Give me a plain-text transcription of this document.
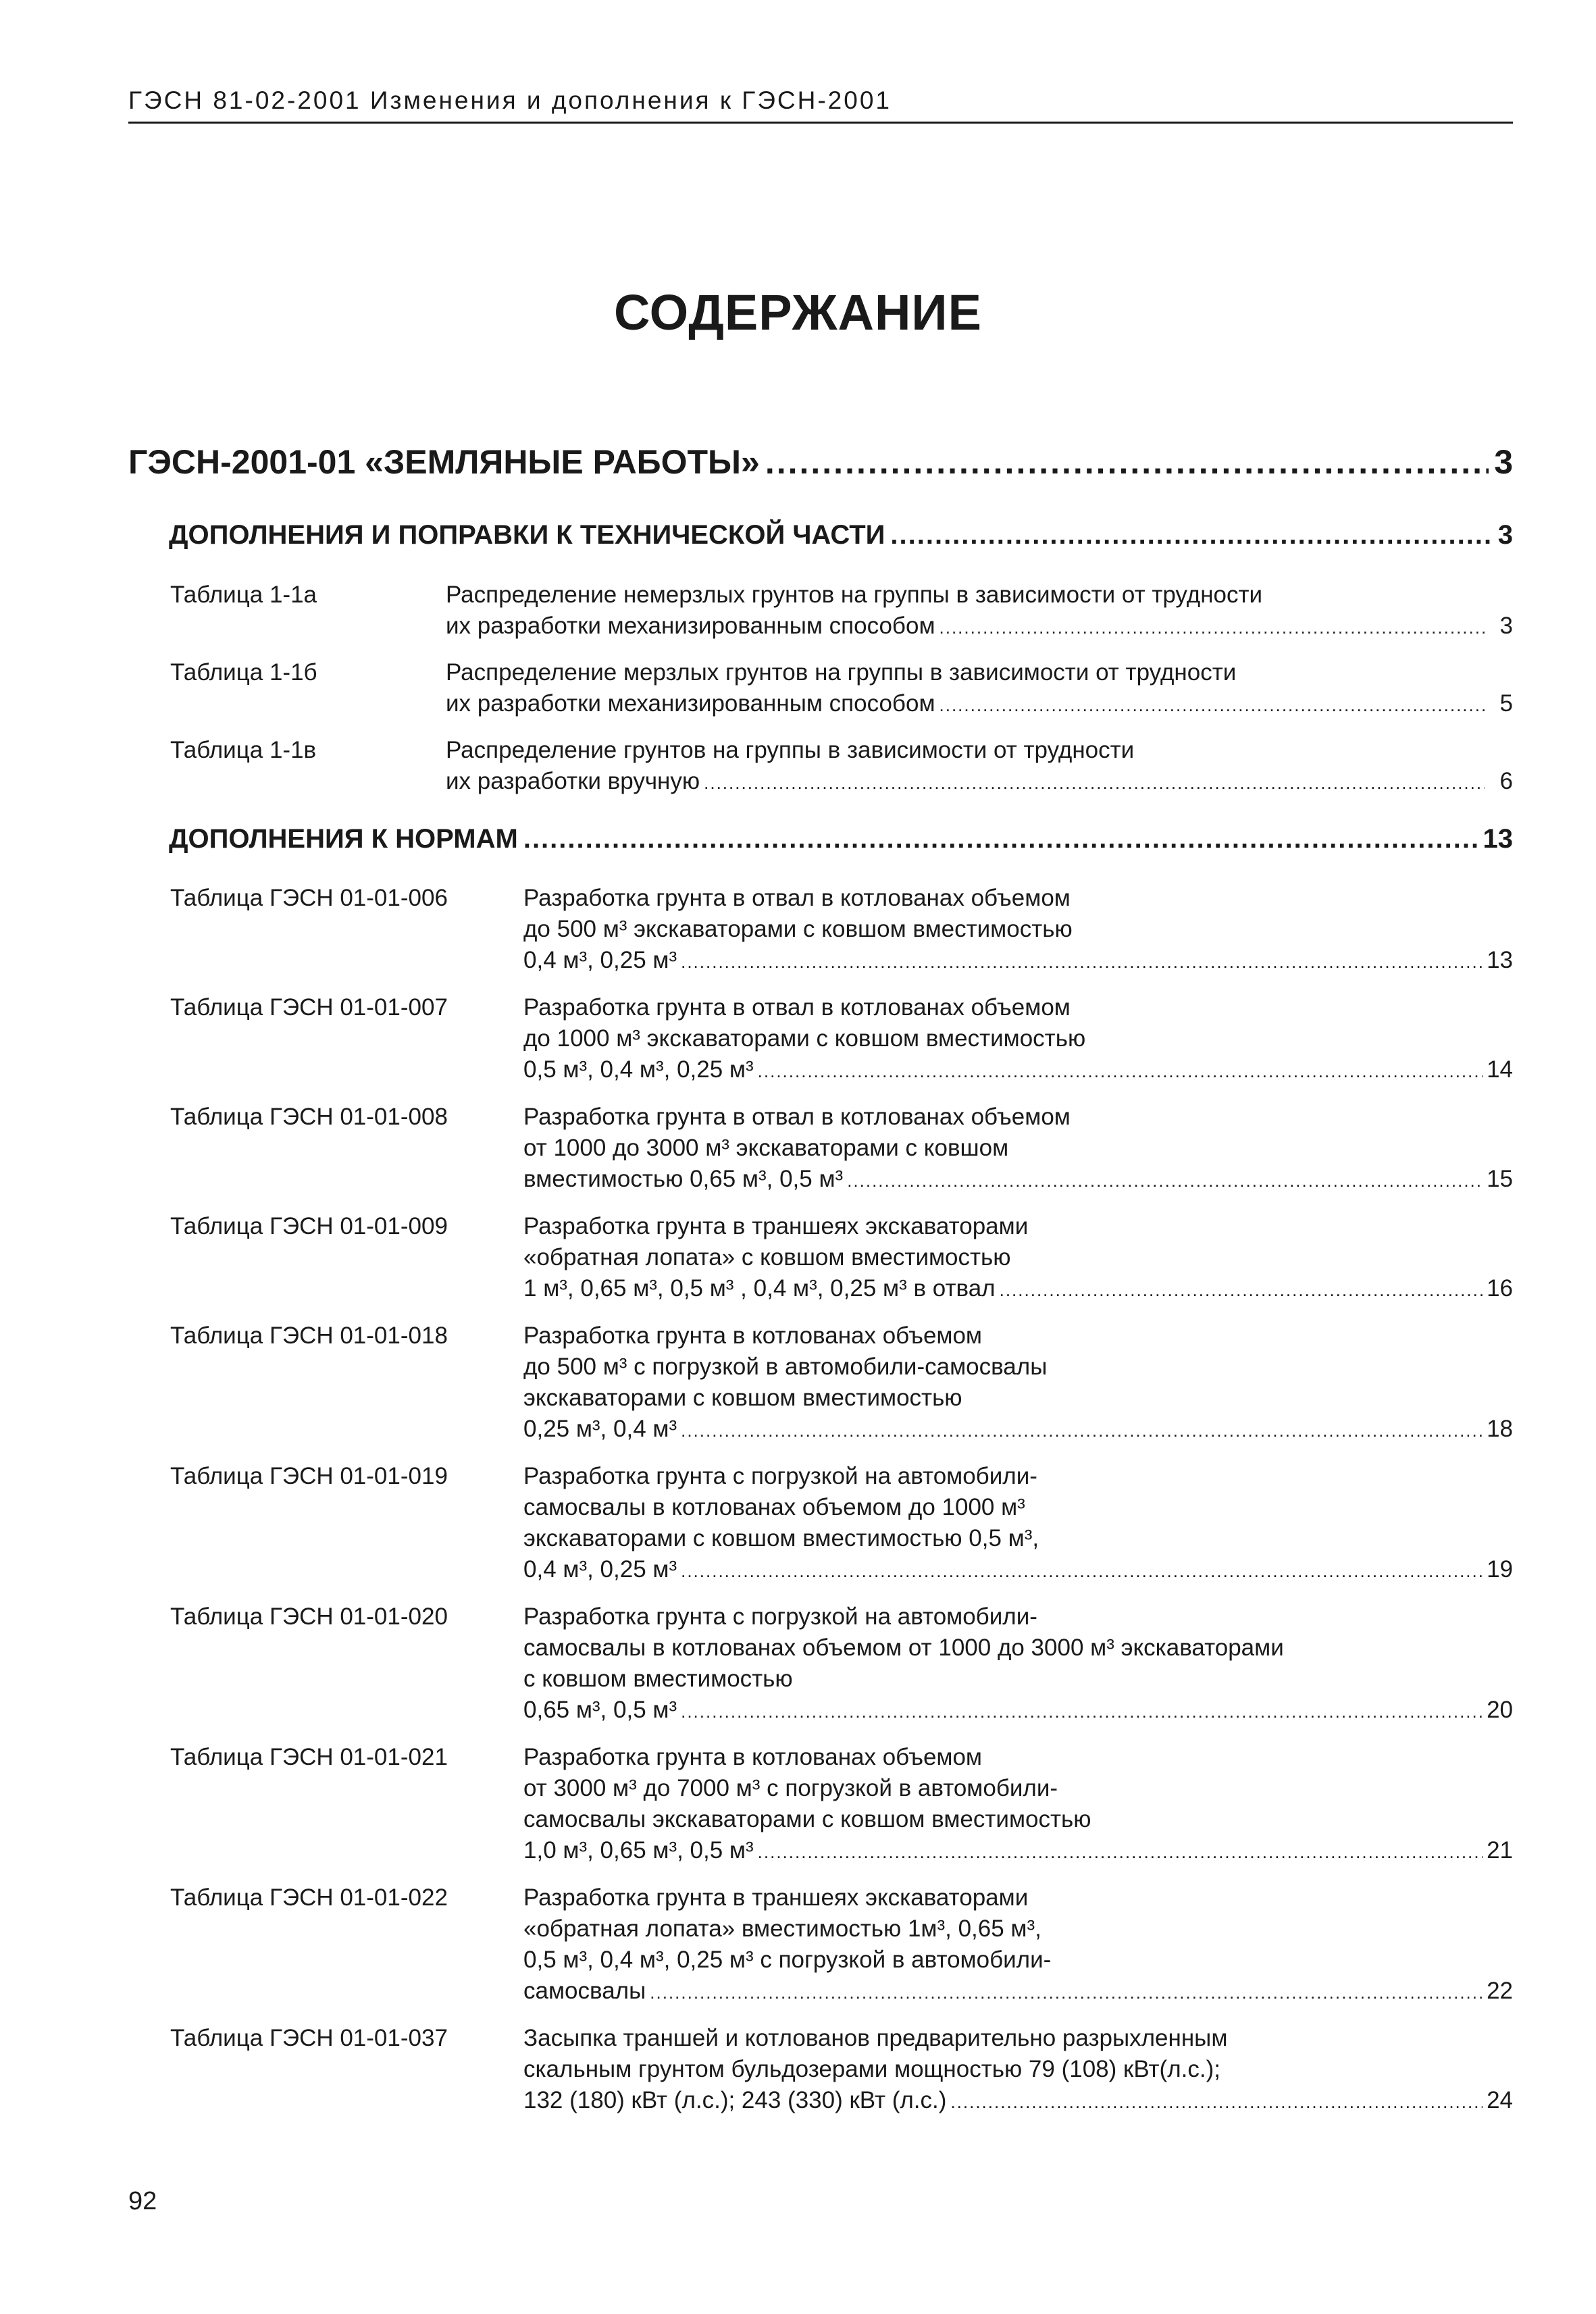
ГЭСН 81-02-2001 Изменения и дополнения к ГЭСН-2001
СОДЕРЖАНИЕ
ГЭСН-2001-01 «ЗЕМЛЯНЫЕ РАБОТЫ» .....	3
ДОПОЛНЕНИЯ И ПОПРАВКИ К ТЕХНИЧЕСКОЙ ЧАСТИ .....	3
Таблица 1-1а	Распределение немерзлых грунтов на группы в зависимости от трудности
их разработки механизированным способом .....	3
Таблица 1-1б	Распределение мерзлых грунтов на группы в зависимости от трудности
их разработки механизированным способом .....	5
Таблица 1-1в	Распределение грунтов на группы в зависимости от трудности
их разработки вручную .....	6
ДОПОЛНЕНИЯ К НОРМАМ .....	13
Таблица ГЭСН 01-01-006	Разработка грунта в отвал в котлованах объемом
до 500 м³ экскаваторами с ковшом вместимостью
0,4 м³, 0,25 м³ .....	13
Таблица ГЭСН 01-01-007	Разработка грунта в отвал в котлованах объемом
до 1000 м³ экскаваторами с ковшом вместимостью
0,5 м³, 0,4 м³, 0,25 м³ .....	14
Таблица ГЭСН 01-01-008	Разработка грунта в отвал в котлованах объемом
от 1000 до 3000 м³ экскаваторами с ковшом
вместимостью 0,65 м³, 0,5 м³ .....	15
Таблица ГЭСН 01-01-009	Разработка грунта в траншеях экскаваторами
«обратная лопата» с ковшом вместимостью
1 м³, 0,65 м³, 0,5 м³ , 0,4 м³, 0,25 м³ в отвал .....	16
Таблица ГЭСН 01-01-018	Разработка грунта в котлованах объемом
до 500 м³ с погрузкой в автомобили-самосвалы
экскаваторами с ковшом вместимостью
0,25 м³, 0,4 м³ .....	18
Таблица ГЭСН 01-01-019	Разработка грунта с погрузкой на автомобили-
самосвалы в котлованах объемом до 1000 м³
экскаваторами с ковшом вместимостью 0,5 м³,
0,4 м³, 0,25 м³ .....	19
Таблица ГЭСН 01-01-020	Разработка грунта с погрузкой на автомобили-
самосвалы в котлованах объемом от 1000 до 3000 м³ экскаваторами
с ковшом вместимостью
0,65 м³, 0,5 м³ .....	20
Таблица ГЭСН 01-01-021	Разработка грунта в котлованах объемом
от 3000 м³ до 7000 м³ с погрузкой в автомобили-
самосвалы экскаваторами с ковшом вместимостью
1,0 м³, 0,65 м³, 0,5 м³ .....	21
Таблица ГЭСН 01-01-022	Разработка грунта в траншеях экскаваторами
«обратная лопата» вместимостью 1м³, 0,65 м³,
0,5 м³, 0,4 м³, 0,25 м³ с погрузкой в автомобили-
самосвалы .....	22
Таблица ГЭСН 01-01-037	Засыпка траншей и котлованов предварительно разрыхленным
скальным грунтом бульдозерами мощностью 79 (108) кВт(л.с.);
132 (180) кВт (л.с.); 243 (330) кВт (л.с.) .....	24
92
